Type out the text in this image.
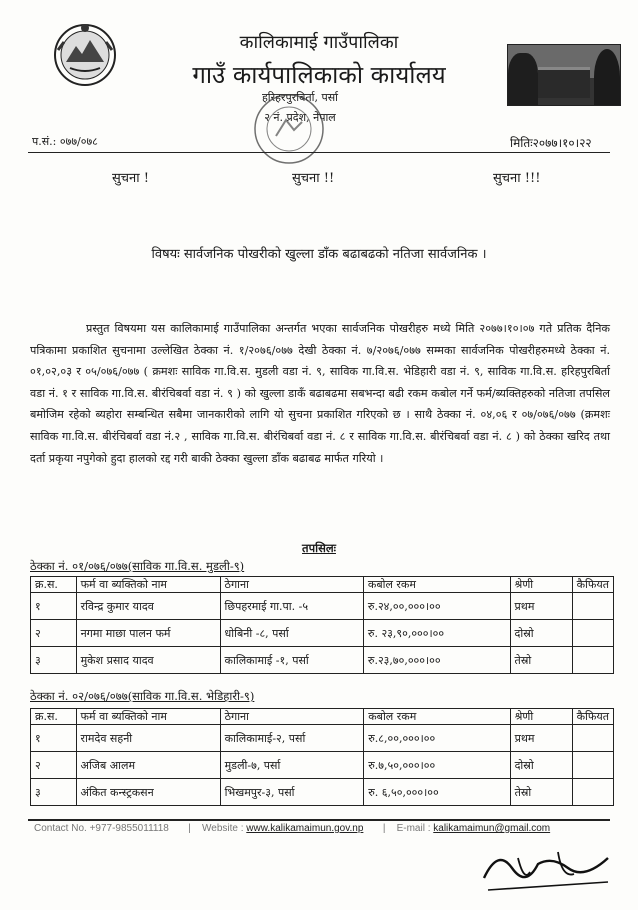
कालिकामाई गाउँपालिका
गाउँ कार्यपालिकाको कार्यालय
हरिहरपुरबिर्ता, पर्सा
२ नं. प्रदेश, नेपाल
प.सं.: ०७७/०७८	मितिः२०७७।१०।२२
सुचना !	सुचना !!	सुचना !!!
विषयः सार्वजनिक पोखरीको खुल्ला डाँक बढाबढको नतिजा सार्वजनिक ।
प्रस्तुत विषयमा यस कालिकामाई गाउँपालिका अन्तर्गत भएका सार्वजनिक पोखरीहरु मध्ये मिति २०७७।१०।०७ गते प्रतिक दैनिक पत्रिकामा प्रकाशित सुचनामा उल्लेखित ठेक्का नं. १/२०७६/०७७ देखी ठेक्का नं. ७/२०७६/०७७ सम्मका सार्वजनिक पोखरीहरुमध्ये ठेक्का नं. ०१,०२,०३ र ०५/०७६/०७७ ( क्रमशः साविक गा.वि.स. मुडली वडा नं. ९, साविक गा.वि.स. भेडिहारी वडा नं. ९, साविक गा.वि.स. हरिहपुरबिर्ता वडा नं. १ र साविक गा.वि.स. बीरंचिबर्वा वडा नं. ९ ) को खुल्ला डाकँ बढाबढमा सबभन्दा बढी रकम कबोल गर्ने फर्म/ब्यक्तिहरुको नतिजा तपसिल बमोजिम रहेको ब्यहोरा सम्बन्धित सबैमा जानकारीको लागि यो सुचना प्रकाशित गरिएको छ । साथै ठेक्का नं. ०४,०६ र ०७/०७६/०७७ (क्रमशः साविक गा.वि.स. बीरंचिबर्वा वडा नं.२ , साविक गा.वि.स. बीरंचिबर्वा वडा नं. ८ र साविक गा.वि.स. बीरंचिबर्वा वडा नं. ८ ) को ठेक्का खरिद तथा दर्ता प्रकृया नपुगेको हुदा हालको रद्द गरी बाकी ठेक्का खुल्ला डाँक बढाबढ मार्फत गरियो ।
तपसिलः
ठेक्का नं. ०१/०७६/०७७(साविक गा.वि.स. मुडली-९)
क्र.स.	फर्म वा ब्यक्तिको नाम	ठेगाना	कबोल रकम	श्रेणी	कैफियत
१	रविन्द्र कुमार यादव	छिपहरमाई गा.पा. -५	रु.२४,००,०००।००	प्रथम	
२	नगमा माछा पालन फर्म	धोबिनी -८, पर्सा	रु. २३,९०,०००।००	दोस्रो	
३	मुकेश प्रसाद यादव	कालिकामाई -१, पर्सा	रु.२३,७०,०००।००	तेस्रो	
ठेक्का नं. ०२/०७६/०७७(साविक गा.वि.स. भेडिहारी-९)
क्र.स.	फर्म वा ब्यक्तिको नाम	ठेगाना	कबोल रकम	श्रेणी	कैफियत
१	रामदेव सहनी	कालिकामाई-२, पर्सा	रु.८,००,०००।००	प्रथम	
२	अजिब आलम	मुडली-७, पर्सा	रु.७,५०,०००।००	दोस्रो	
३	अंकित कन्स्ट्रकसन	भिखमपुर-३, पर्सा	रु. ६,५०,०००।००	तेस्रो	
Contact No. +977-9855011118 | Website : www.kalikamaimun.gov.np | E-mail : kalikamaimun@gmail.com
